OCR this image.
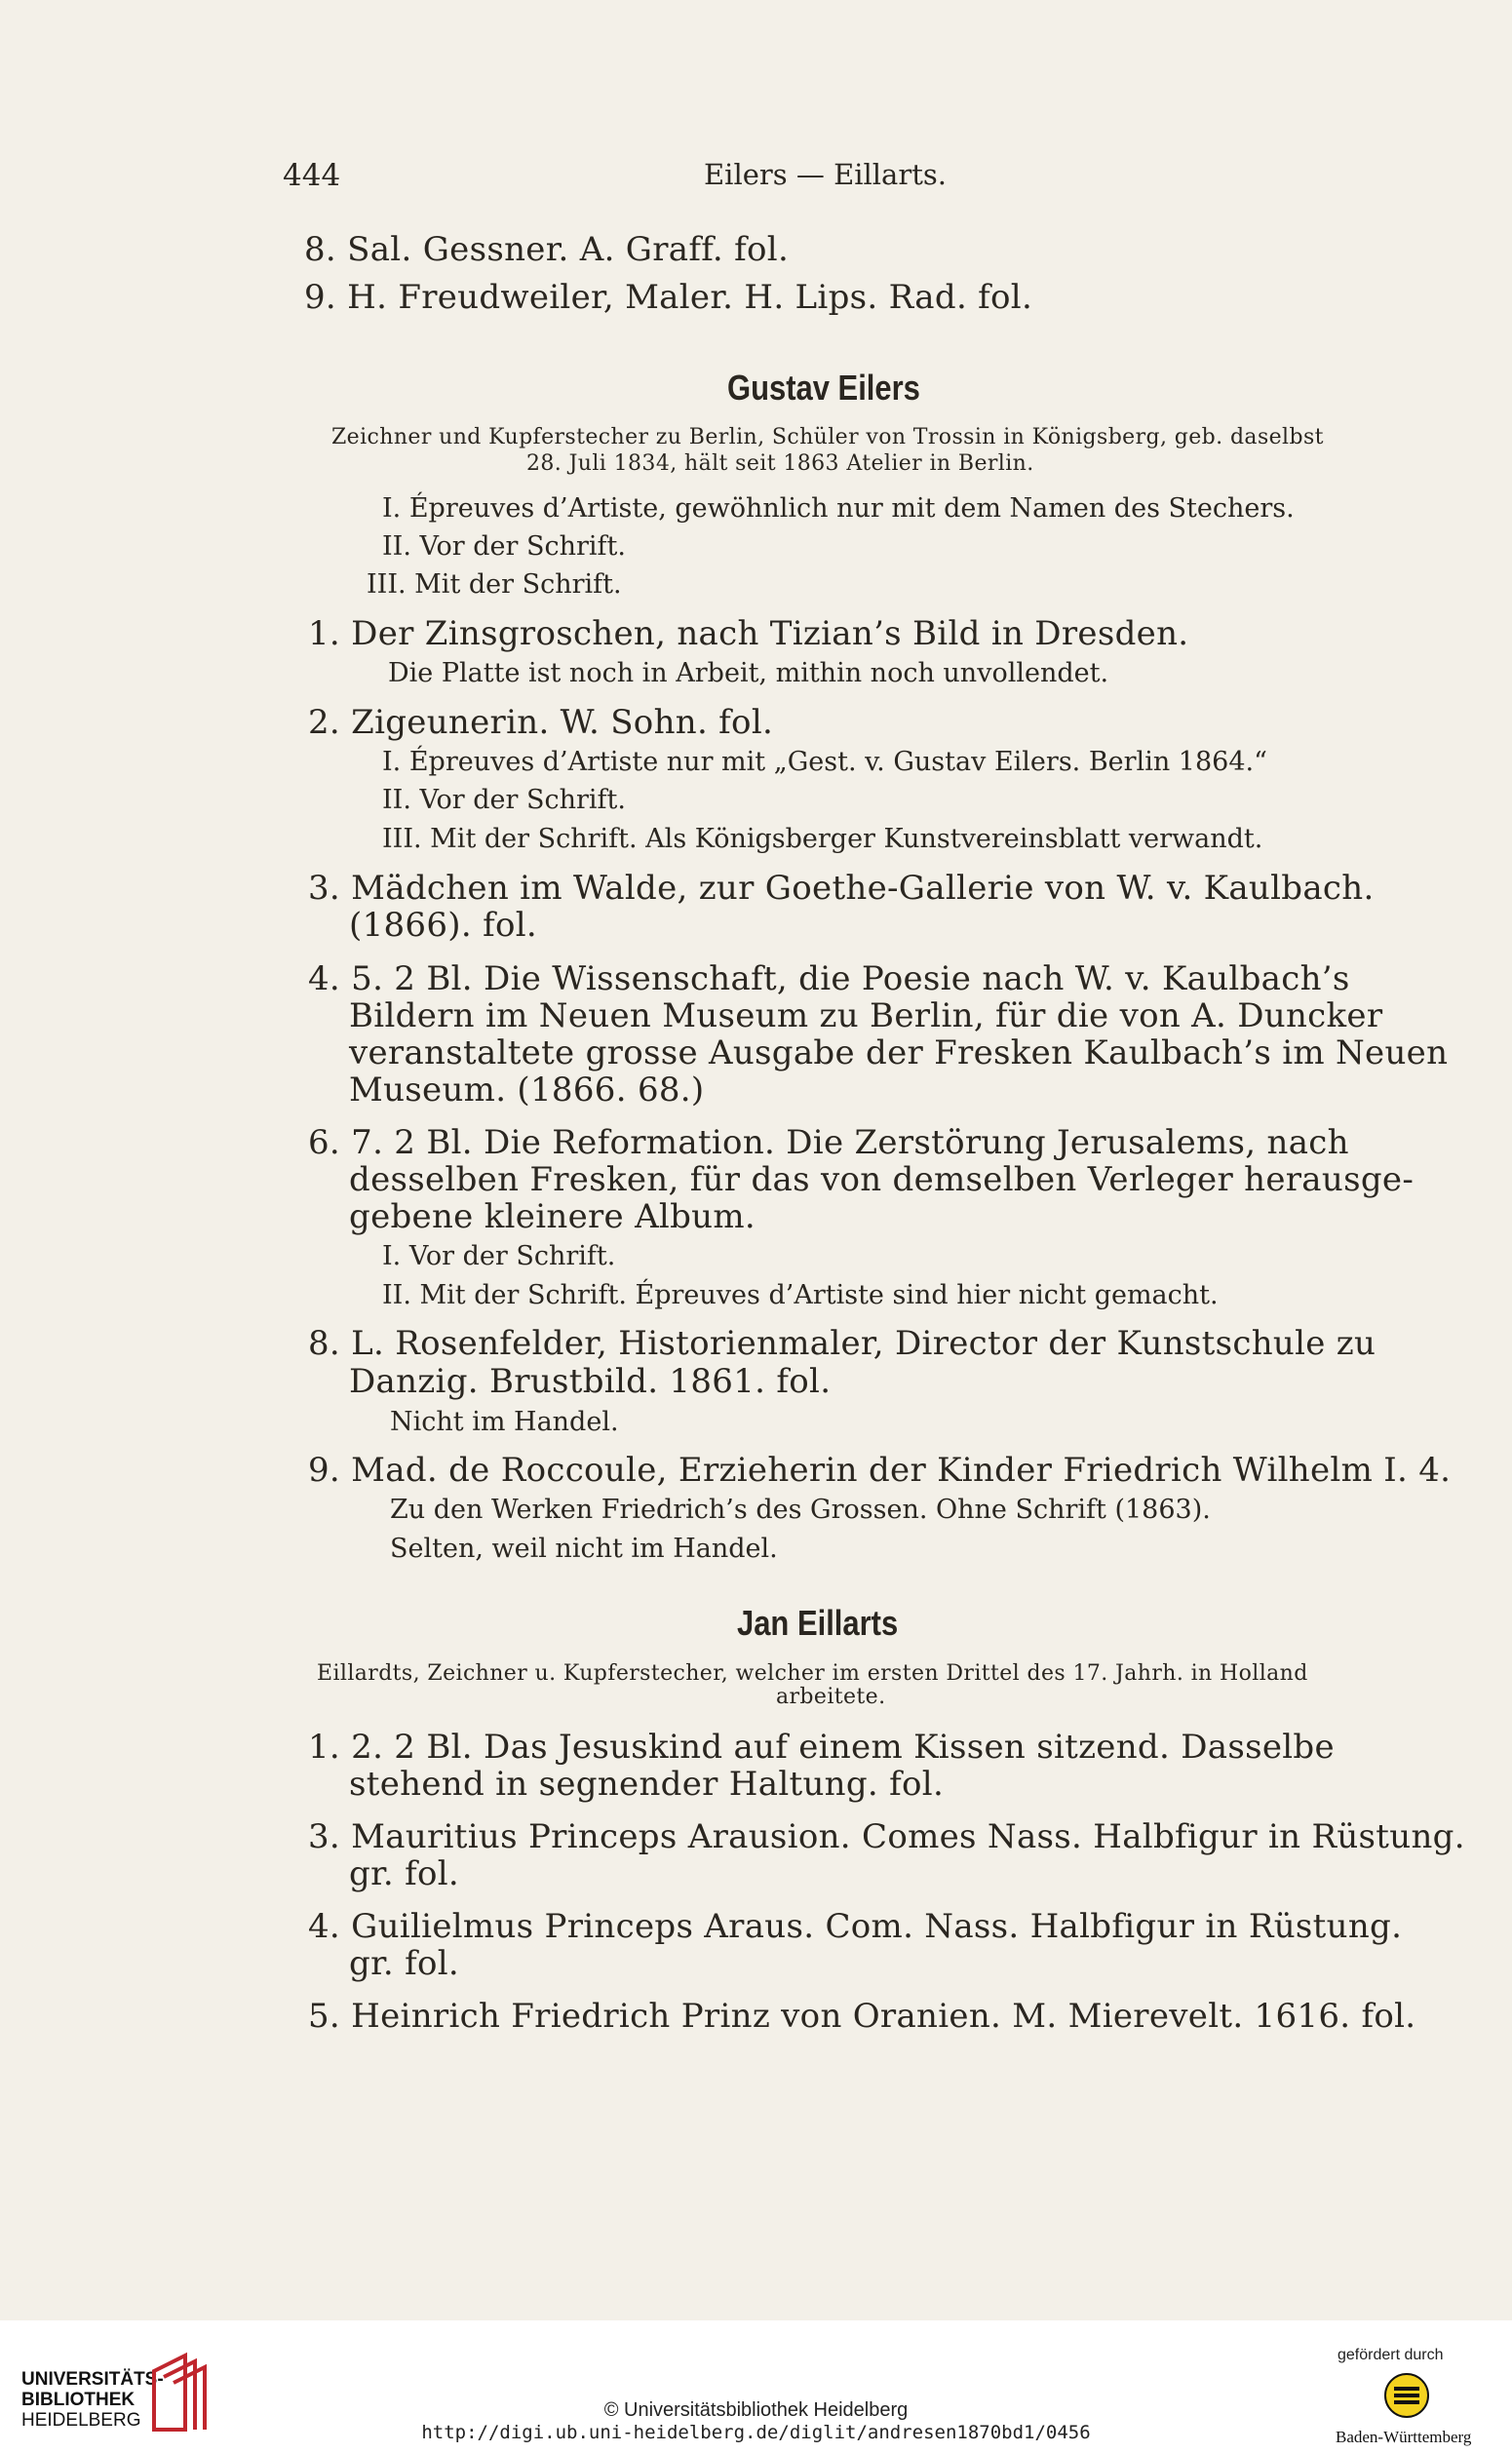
444	Eilers — Eillarts.
8. Sal. Gessner. A. Graff. fol.
9. H. Freudweiler, Maler. H. Lips. Rad. fol.
Gustav Eilers
Zeichner und Kupferstecher zu Berlin, Schüler von Trossin in Königsberg, geb. daselbst
28. Juli 1834, hält seit 1863 Atelier in Berlin.
I. Épreuves d’Artiste, gewöhnlich nur mit dem Namen des Stechers.
II. Vor der Schrift.
III. Mit der Schrift.
1. Der Zinsgroschen, nach Tizian’s Bild in Dresden.
Die Platte ist noch in Arbeit, mithin noch unvollendet.
2. Zigeunerin. W. Sohn. fol.
I. Épreuves d’Artiste nur mit „Gest. v. Gustav Eilers. Berlin 1864.“
II. Vor der Schrift.
III. Mit der Schrift. Als Königsberger Kunstvereinsblatt verwandt.
3. Mädchen im Walde, zur Goethe-Gallerie von W. v. Kaulbach.
(1866). fol.
4. 5. 2 Bl. Die Wissenschaft, die Poesie nach W. v. Kaulbach’s
Bildern im Neuen Museum zu Berlin, für die von A. Duncker
veranstaltete grosse Ausgabe der Fresken Kaulbach’s im Neuen
Museum. (1866. 68.)
6. 7. 2 Bl. Die Reformation. Die Zerstörung Jerusalems, nach
desselben Fresken, für das von demselben Verleger herausge-
gebene kleinere Album.
I. Vor der Schrift.
II. Mit der Schrift. Épreuves d’Artiste sind hier nicht gemacht.
8. L. Rosenfelder, Historienmaler, Director der Kunstschule zu
Danzig. Brustbild. 1861. fol.
Nicht im Handel.
9. Mad. de Roccoule, Erzieherin der Kinder Friedrich Wilhelm I. 4.
Zu den Werken Friedrich’s des Grossen. Ohne Schrift (1863).
Selten, weil nicht im Handel.
Jan Eillarts
Eillardts, Zeichner u. Kupferstecher, welcher im ersten Drittel des 17. Jahrh. in Holland
arbeitete.
1. 2. 2 Bl. Das Jesuskind auf einem Kissen sitzend. Dasselbe
stehend in segnender Haltung. fol.
3. Mauritius Princeps Arausion. Comes Nass. Halbfigur in Rüstung.
gr. fol.
4. Guilielmus Princeps Araus. Com. Nass. Halbfigur in Rüstung.
gr. fol.
5. Heinrich Friedrich Prinz von Oranien. M. Mierevelt. 1616. fol.
UNIVERSITÄTS-
BIBLIOTHEK
HEIDELBERG	© Universitätsbibliothek Heidelberg
http://digi.ub.uni-heidelberg.de/diglit/andresen1870bd1/0456
gefördert durch
Baden-Württemberg
